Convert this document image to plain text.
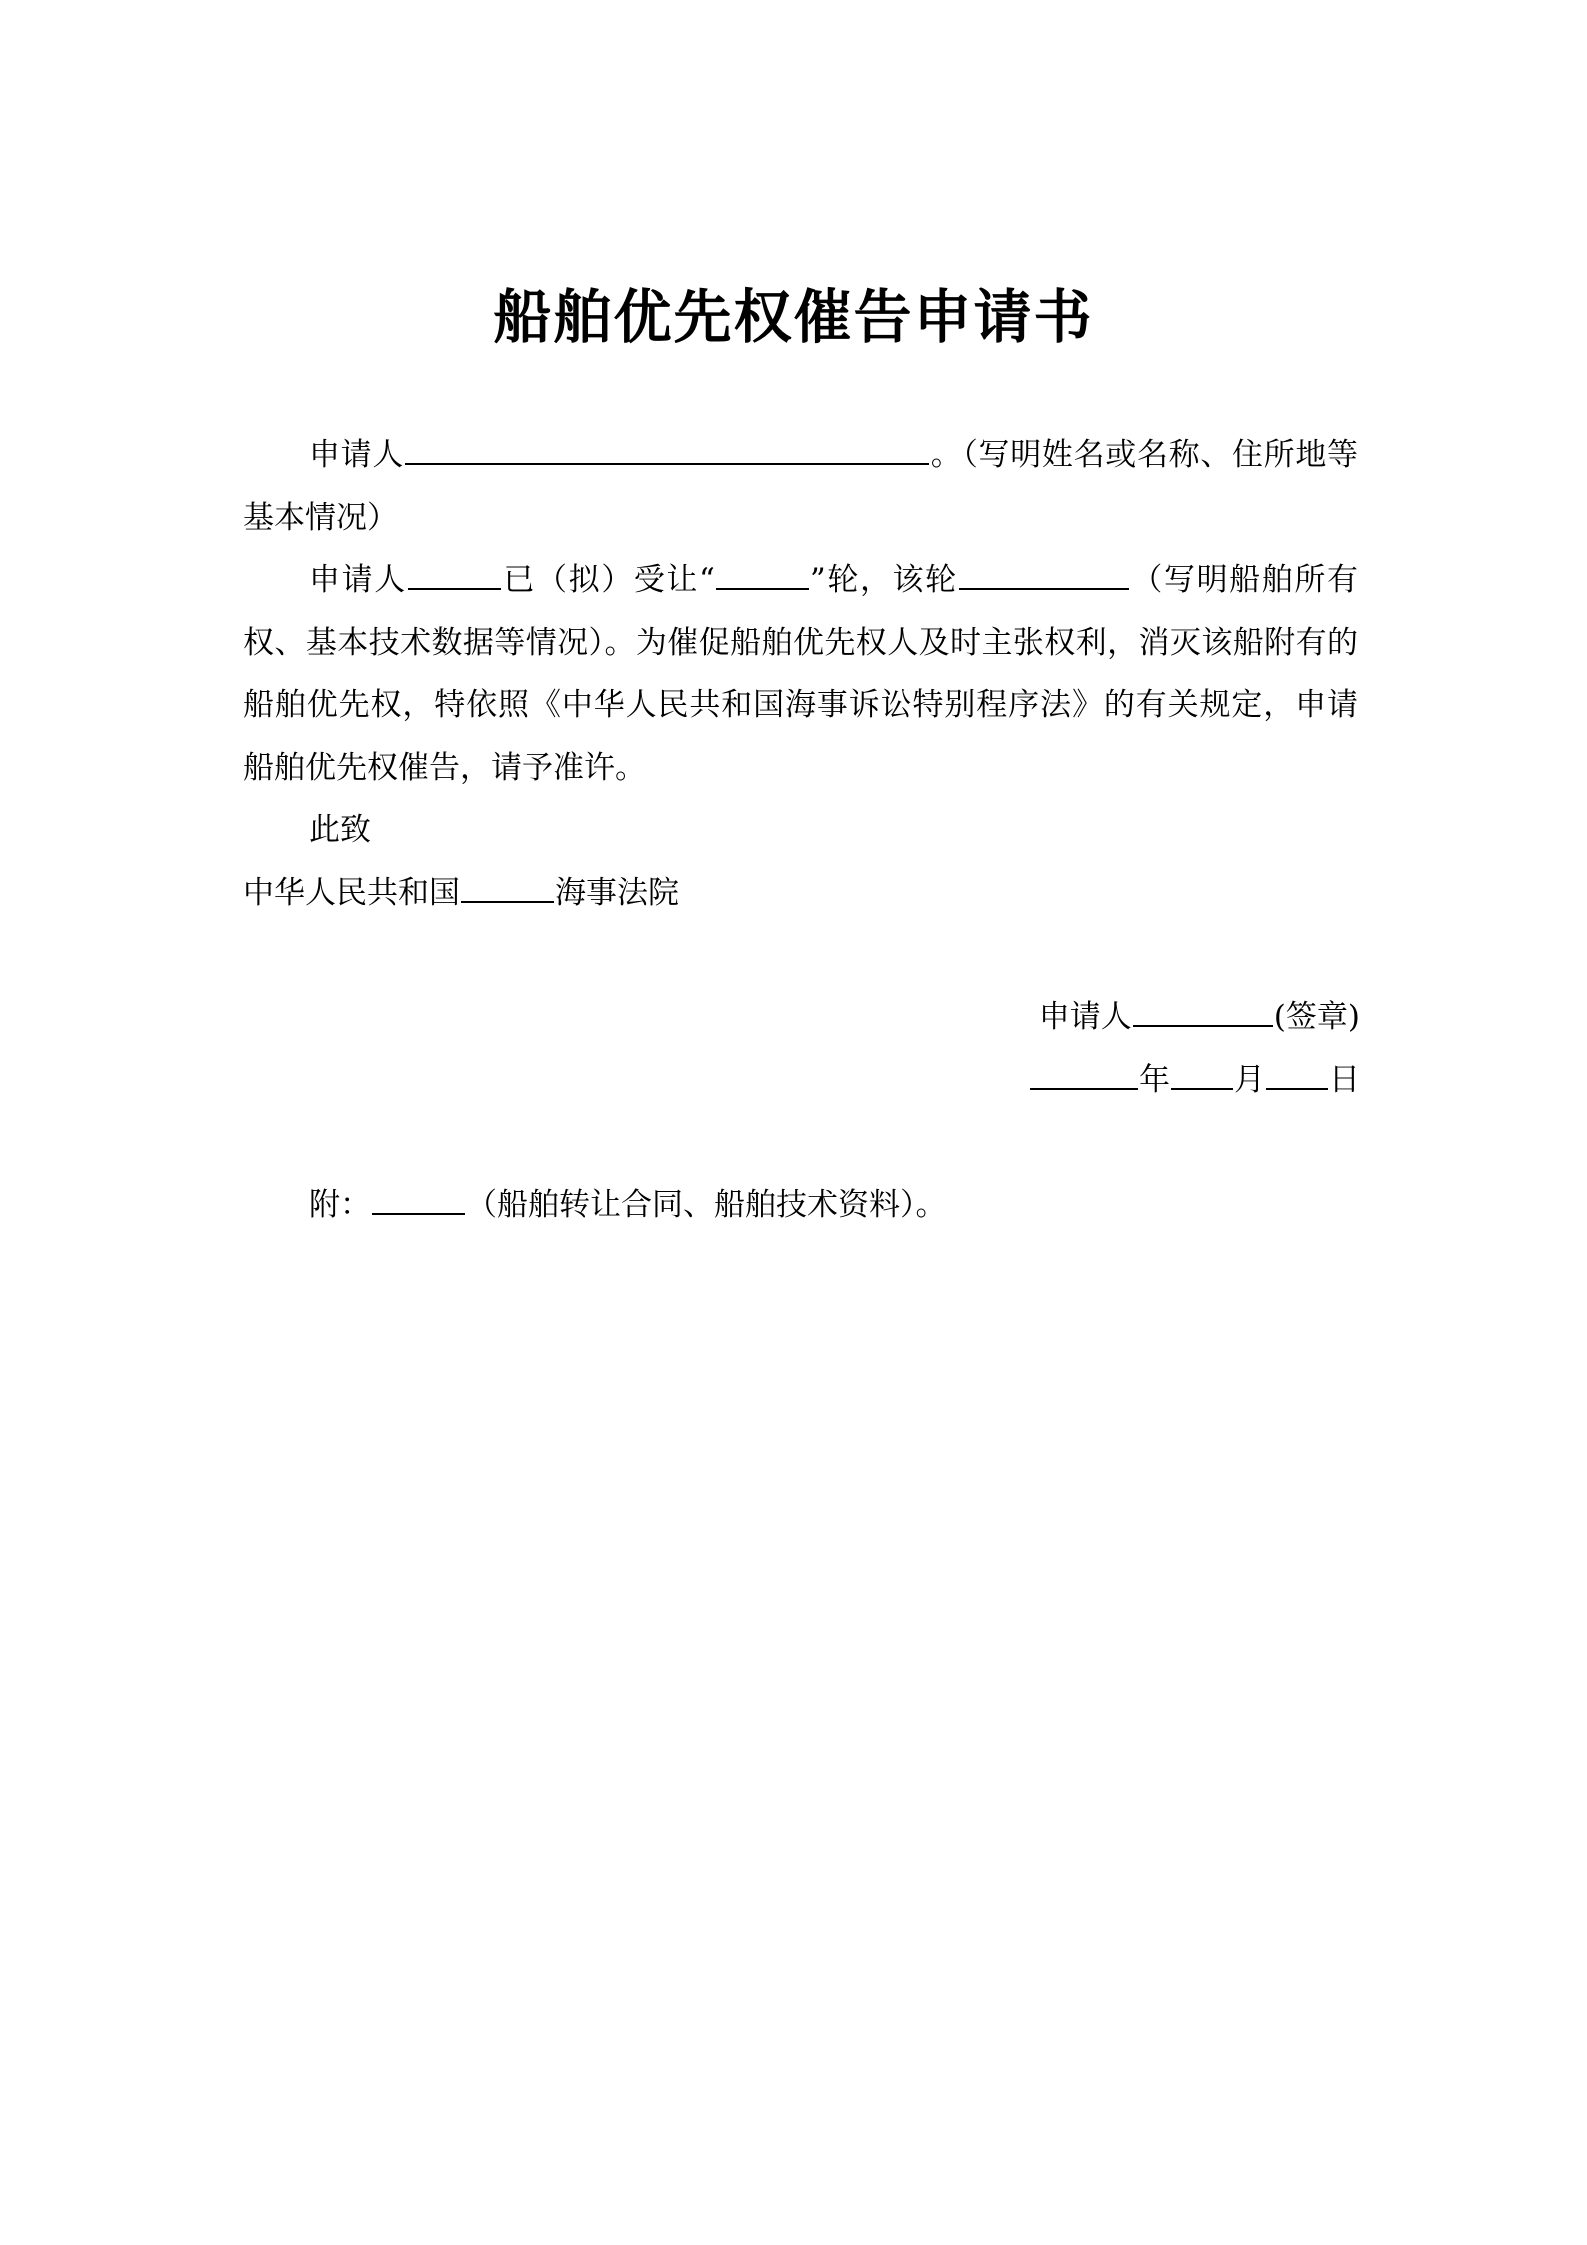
船舶优先权催告申请书

申请人	。（写明姓名或名称、住所地等基本情况）

申请人	已（拟）受让“	”轮，该轮	（写明船舶所有权、基本技术数据等情况）。为催促船舶优先权人及时主张权利，消灭该船附有的船舶优先权，特依照《中华人民共和国海事诉讼特别程序法》的有关规定，申请船舶优先权催告，请予准许。

此致

中华人民共和国	海事法院

申请人	(签章)
年 月 日
附：	（船舶转让合同、船舶技术资料）。
